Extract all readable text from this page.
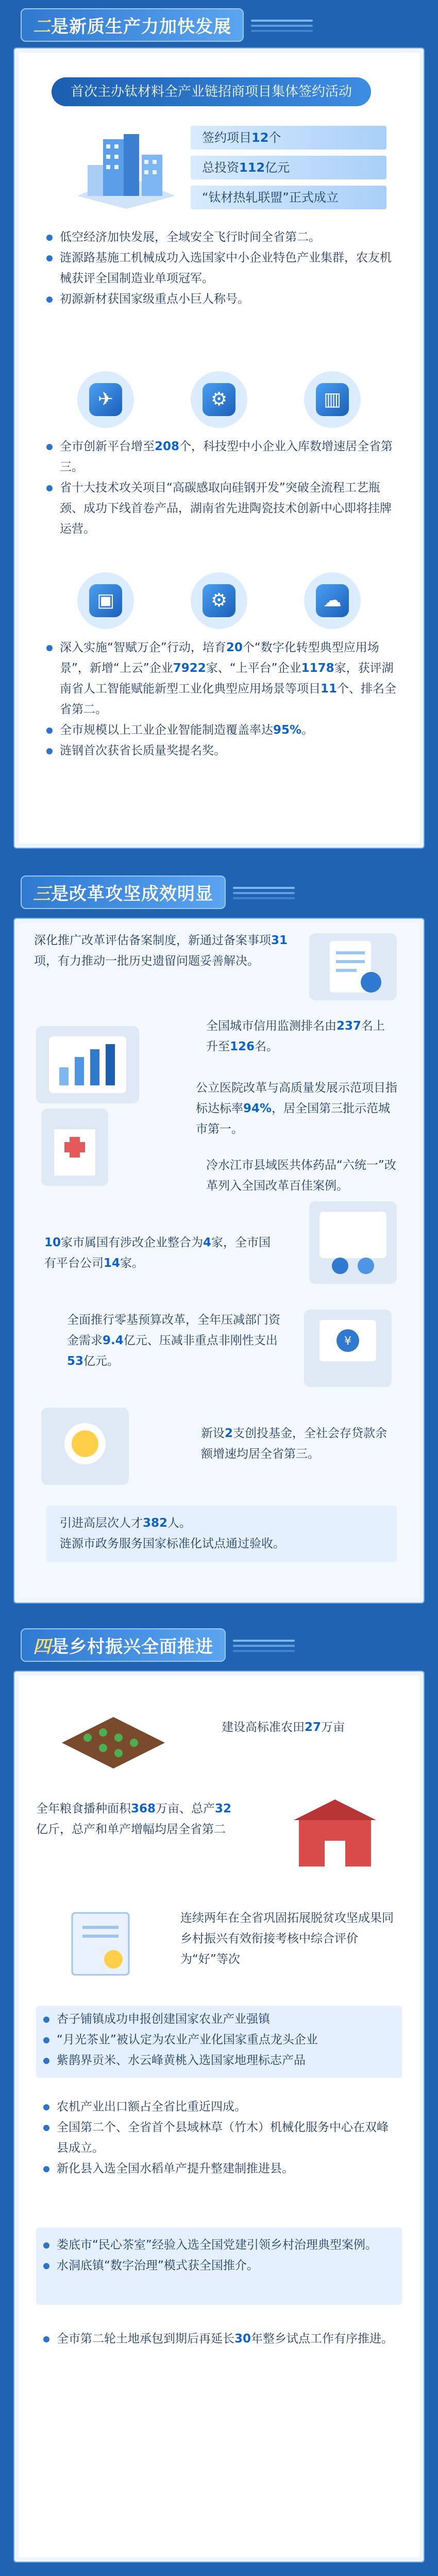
二是新质生产力加快发展
首次主办钛材料全产业链招商项目集体签约活动
签约项目12个
总投资112亿元
“钛材热轧联盟”正式成立
低空经济加快发展，全域安全飞行时间全省第二。
涟源路基施工机械成功入选国家中小企业特色产业集群，农友机械获评全国制造业单项冠军。
初源新材获国家级重点小巨人称号。
✈	⚙	▥
全市创新平台增至208个，科技型中小企业入库数增速居全省第三。
省十大技术攻关项目“高碳感取向硅钢开发”突破全流程工艺瓶颈、成功下线首卷产品，湖南省先进陶瓷技术创新中心即将挂牌运营。
▣	⚙	☁
深入实施“智赋万企”行动，培育20个“数字化转型典型应用场景”，新增“上云”企业7922家、“上平台”企业1178家，获评湖南省人工智能赋能新型工业化典型应用场景等项目11个、排名全省第二。
全市规模以上工业企业智能制造覆盖率达95%。
涟钢首次获省长质量奖提名奖。
三是改革攻坚成效明显
深化推广改革评估备案制度，新通过备案事项31项，有力推动一批历史遗留问题妥善解决。
全国城市信用监测排名由237名上升至126名。
公立医院改革与高质量发展示范项目指标达标率94%，居全国第三批示范城市第一。
冷水江市县域医共体药品“六统一”改革列入全国改革百佳案例。
10家市属国有涉改企业整合为4家，全市国有平台公司14家。
全面推行零基预算改革，全年压减部门资金需求9.4亿元、压减非重点非刚性支出53亿元。
¥
新设2支创投基金，全社会存贷款余额增速均居全省第三。
引进高层次人才382人。
涟源市政务服务国家标准化试点通过验收。
四是乡村振兴全面推进
建设高标准农田27万亩
全年粮食播种面积368万亩、总产32亿斤，总产和单产增幅均居全省第二
连续两年在全省巩固拓展脱贫攻坚成果同乡村振兴有效衔接考核中综合评价为“好”等次
杏子铺镇成功申报创建国家农业产业强镇
“月光茶业”被认定为农业产业化国家重点龙头企业
紫鹊界贡米、水云峰黄桃入选国家地理标志产品
农机产业出口额占全省比重近四成。
全国第二个、全省首个县域林草（竹木）机械化服务中心在双峰县成立。
新化县入选全国水稻单产提升整建制推进县。
娄底市“民心茶室”经验入选全国党建引领乡村治理典型案例。
水洞底镇“数字治理”模式获全国推介。
全市第二轮土地承包到期后再延长30年整乡试点工作有序推进。
